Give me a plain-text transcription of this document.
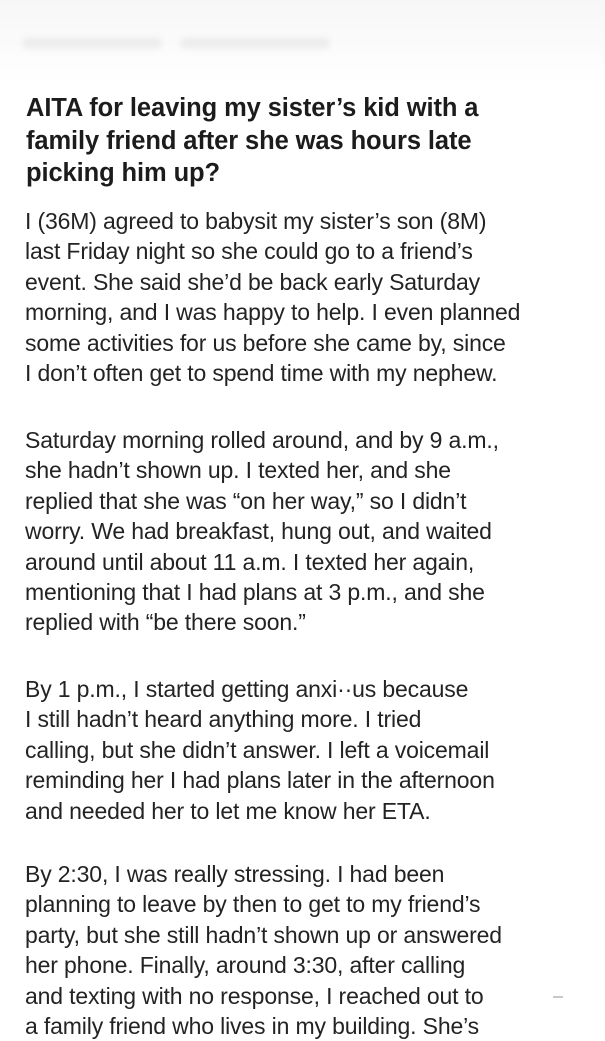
AITA for leaving my sister’s kid with a
family friend after she was hours late
picking him up?

I (36M) agreed to babysit my sister’s son (8M)
last Friday night so she could go to a friend’s
event. She said she’d be back early Saturday
morning, and I was happy to help. I even planned
some activities for us before she came by, since
I don’t often get to spend time with my nephew.

Saturday morning rolled around, and by 9 a.m.,
she hadn’t shown up. I texted her, and she
replied that she was “on her way,” so I didn’t
worry. We had breakfast, hung out, and waited
around until about 11 a.m. I texted her again,
mentioning that I had plans at 3 p.m., and she
replied with “be there soon.”

By 1 p.m., I started getting anxi··us because
I still hadn’t heard anything more. I tried
calling, but she didn’t answer. I left a voicemail
reminding her I had plans later in the afternoon
and needed her to let me know her ETA.

By 2:30, I was really stressing. I had been
planning to leave by then to get to my friend’s
party, but she still hadn’t shown up or answered
her phone. Finally, around 3:30, after calling
and texting with no response, I reached out to
a family friend who lives in my building. She’s
